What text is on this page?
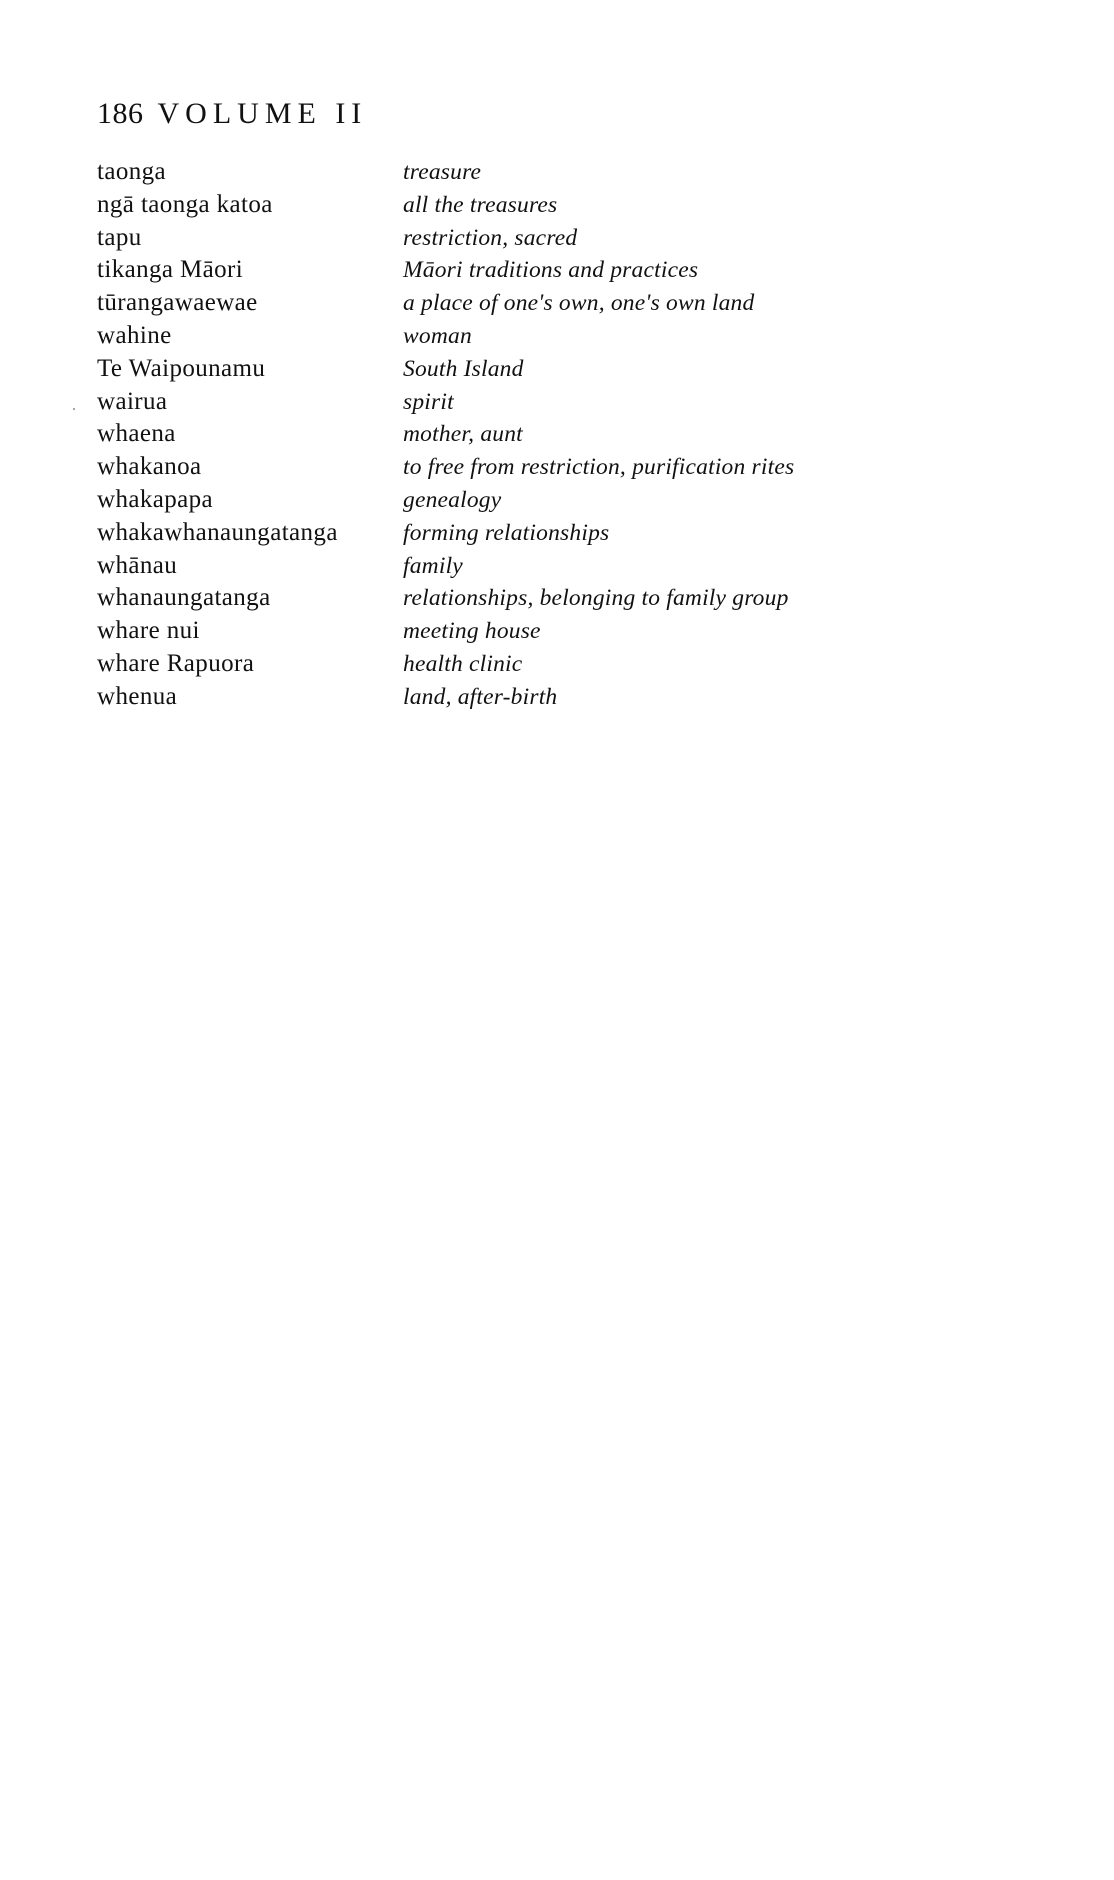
186 VOLUME II
taonga	treasure
ngā taonga katoa	all the treasures
tapu	restriction, sacred
tikanga Māori	Māori traditions and practices
tūrangawaewae	a place of one's own, one's own land
wahine	woman
Te Waipounamu	South Island
wairua	spirit
whaena	mother, aunt
whakanoa	to free from restriction, purification rites
whakapapa	genealogy
whakawhanaungatanga	forming relationships
whānau	family
whanaungatanga	relationships, belonging to family group
whare nui	meeting house
whare Rapuora	health clinic
whenua	land, after-birth
